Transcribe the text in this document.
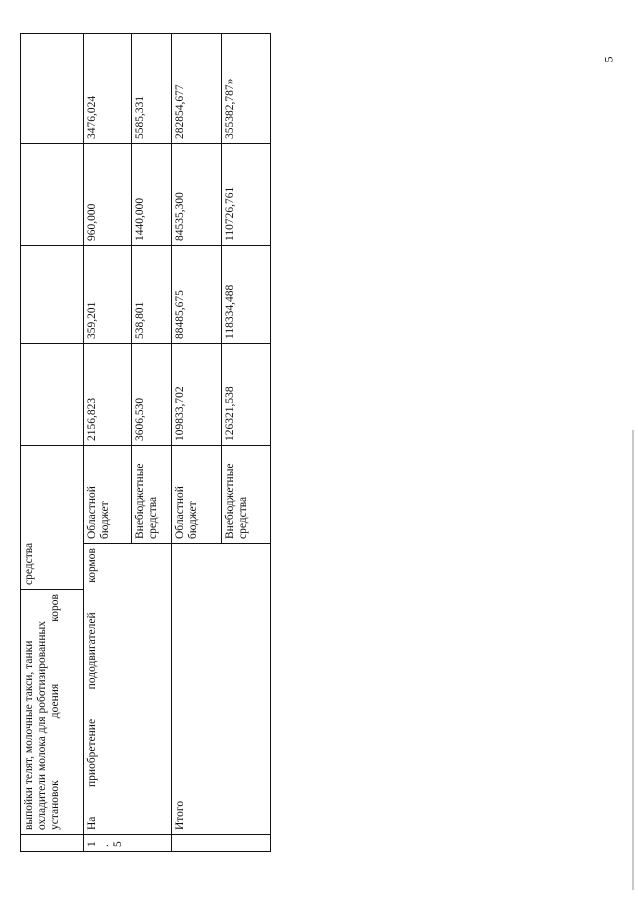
5
	выпойки телят, молочные такси, танки охладители молока для роботизированных установок доения коров	средства					
1.5	На приобретение пододвигателей кормов		Областной бюджет	2156,823	359,201	960,000	3476,024
			Внебюджетные средства	3606,530	538,801	1440,000	5585,331
	Итого		Областной бюджет	109833,702	88485,675	84535,300	282854,677
			Внебюджетные средства	126321,538	118334,488	110726,761	355382,787»
